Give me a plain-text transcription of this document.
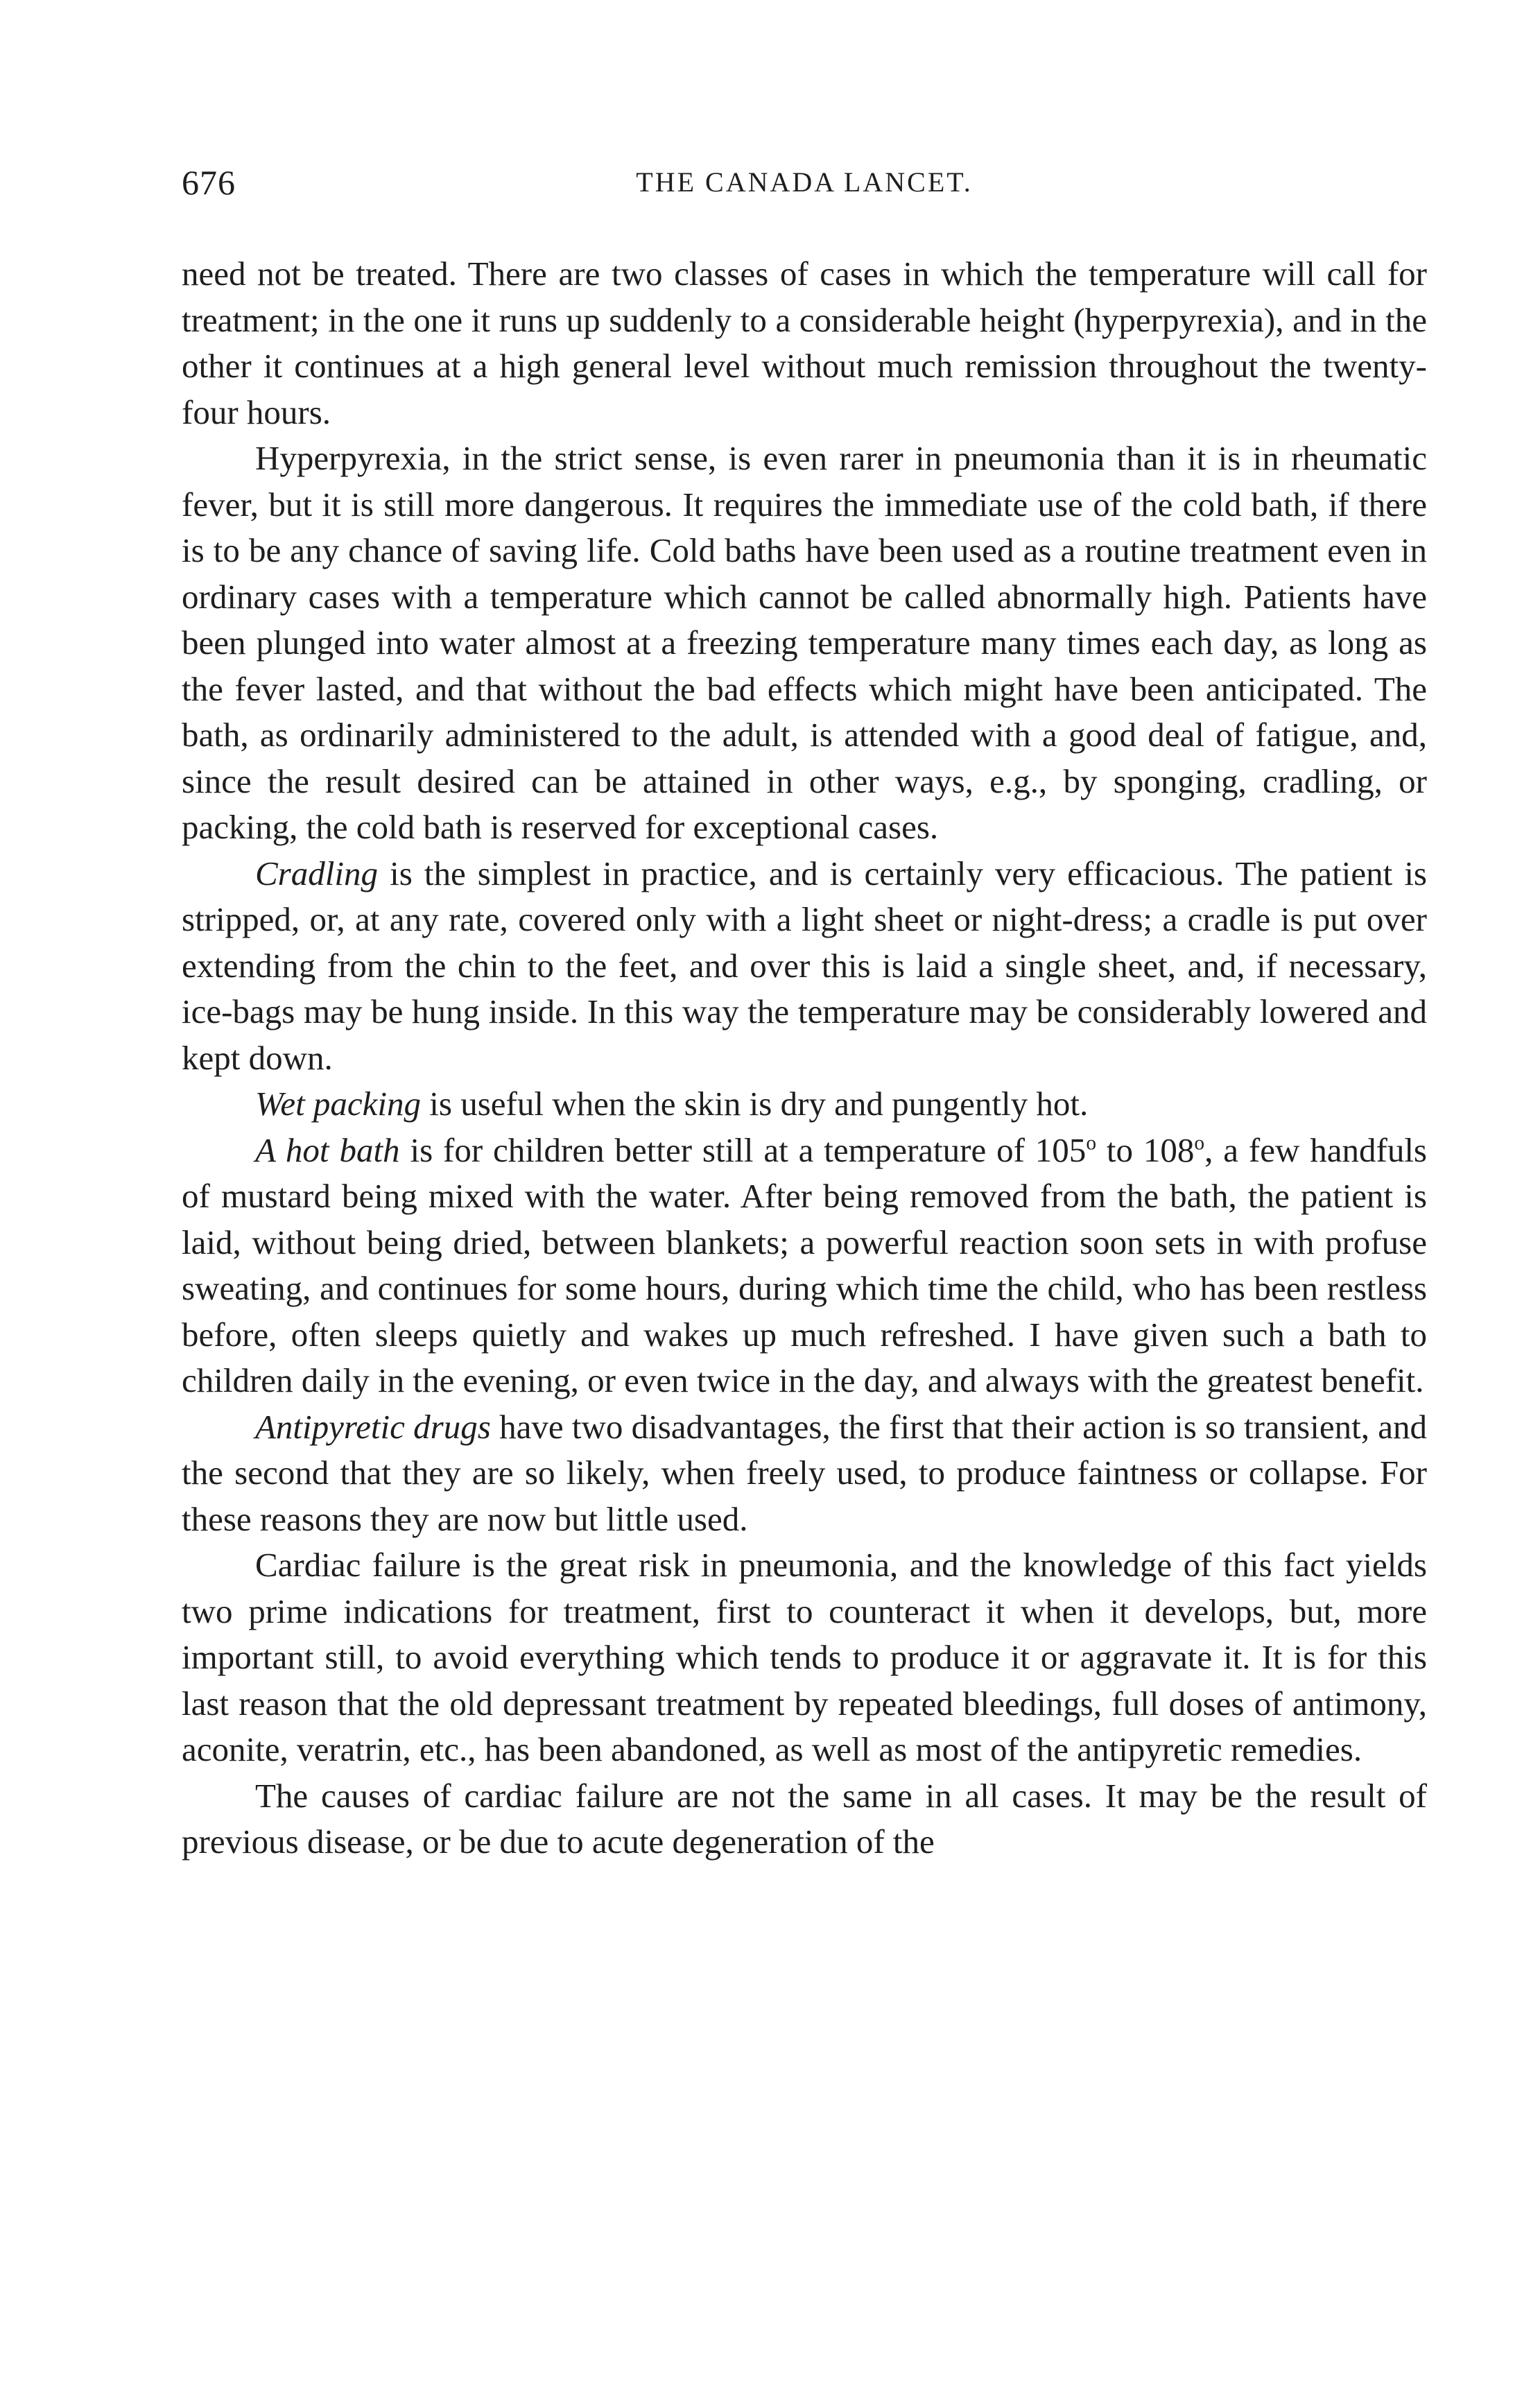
676	THE CANADA LANCET.

need not be treated. There are two classes of cases in which the temperature will call for treatment; in the one it runs up suddenly to a considerable height (hyperpyrexia), and in the other it continues at a high general level without much remission throughout the twenty-four hours.

Hyperpyrexia, in the strict sense, is even rarer in pneumonia than it is in rheumatic fever, but it is still more dangerous. It requires the immediate use of the cold bath, if there is to be any chance of saving life. Cold baths have been used as a routine treatment even in ordinary cases with a temperature which cannot be called abnormally high. Patients have been plunged into water almost at a freezing temperature many times each day, as long as the fever lasted, and that without the bad effects which might have been anticipated. The bath, as ordinarily administered to the adult, is attended with a good deal of fatigue, and, since the result desired can be attained in other ways, e.g., by sponging, cradling, or packing, the cold bath is reserved for exceptional cases.

Cradling is the simplest in practice, and is certainly very efficacious. The patient is stripped, or, at any rate, covered only with a light sheet or night-dress; a cradle is put over extending from the chin to the feet, and over this is laid a single sheet, and, if necessary, ice-bags may be hung inside. In this way the temperature may be considerably lowered and kept down.

Wet packing is useful when the skin is dry and pungently hot.

A hot bath is for children better still at a temperature of 105$^o$ to 108$^o$, a few handfuls of mustard being mixed with the water. After being removed from the bath, the patient is laid, without being dried, between blankets; a powerful reaction soon sets in with profuse sweating, and continues for some hours, during which time the child, who has been restless before, often sleeps quietly and wakes up much refreshed. I have given such a bath to children daily in the evening, or even twice in the day, and always with the greatest benefit.

Antipyretic drugs have two disadvantages, the first that their action is so transient, and the second that they are so likely, when freely used, to produce faintness or collapse. For these reasons they are now but little used.

Cardiac failure is the great risk in pneumonia, and the knowledge of this fact yields two prime indications for treatment, first to counteract it when it develops, but, more important still, to avoid everything which tends to produce it or aggravate it. It is for this last reason that the old depressant treatment by repeated bleedings, full doses of antimony, aconite, veratrin, etc., has been abandoned, as well as most of the antipyretic remedies.

The causes of cardiac failure are not the same in all cases. It may be the result of previous disease, or be due to acute degeneration of the
